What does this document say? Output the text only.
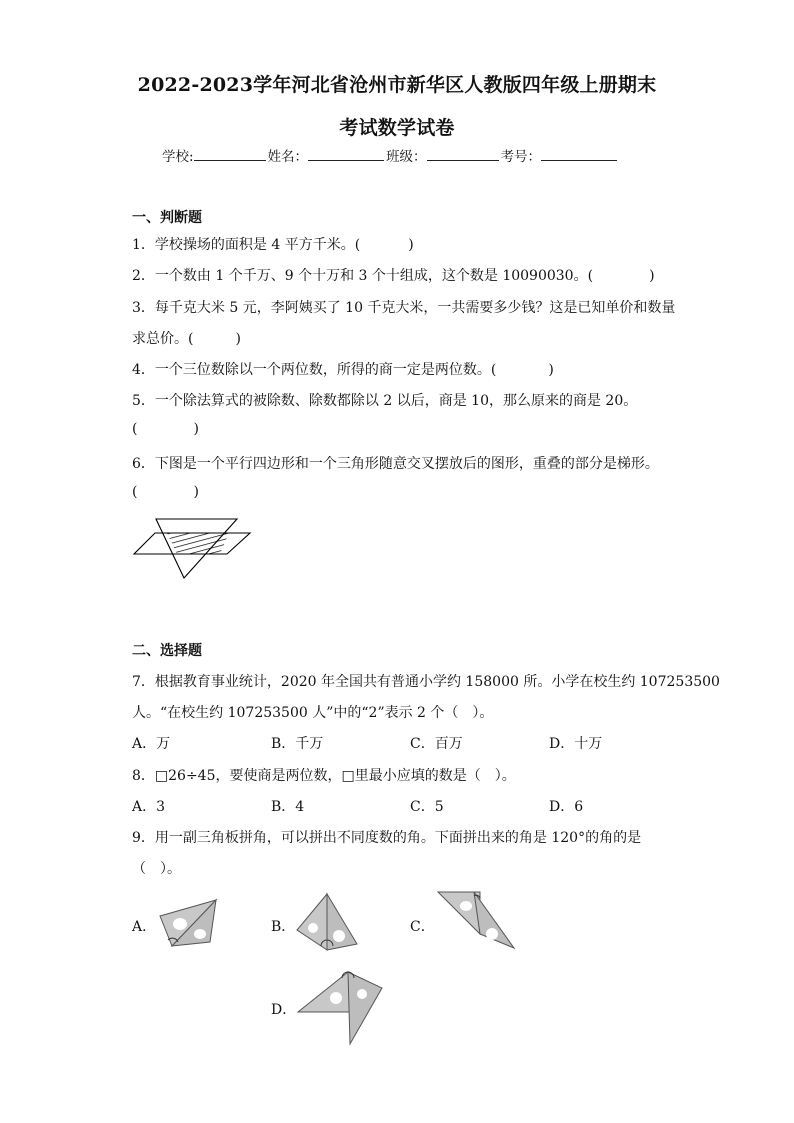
2022-2023学年河北省沧州市新华区人教版四年级上册期末
考试数学试卷
学校:	姓名：	班级：	考号：
一、判断题
1．学校操场的面积是 4 平方千米。(	)
2．一个数由 1 个千万、9 个十万和 3 个十组成，这个数是 10090030。(	)
3．每千克大米 5 元，李阿姨买了 10 千克大米，一共需要多少钱？这是已知单价和数量
求总价。(	)
4．一个三位数除以一个两位数，所得的商一定是两位数。(	)
5．一个除法算式的被除数、除数都除以 2 以后，商是 10，那么原来的商是 20。
(	)
6．下图是一个平行四边形和一个三角形随意交叉摆放后的图形，重叠的部分是梯形。
(	)
二、选择题
7．根据教育事业统计，2020 年全国共有普通小学约 158000 所。小学在校生约 107253500
人。“在校生约 107253500 人”中的“2”表示 2 个（　）。
A．万	B．千万	C．百万	D．十万
8．□26÷45，要使商是两位数，□里最小应填的数是（　）。
A．3	B．4	C．5	D．6
9．用一副三角板拼角，可以拼出不同度数的角。下面拼出来的角是 120°的角的是
（　）。
A．	B．	C．
D．
